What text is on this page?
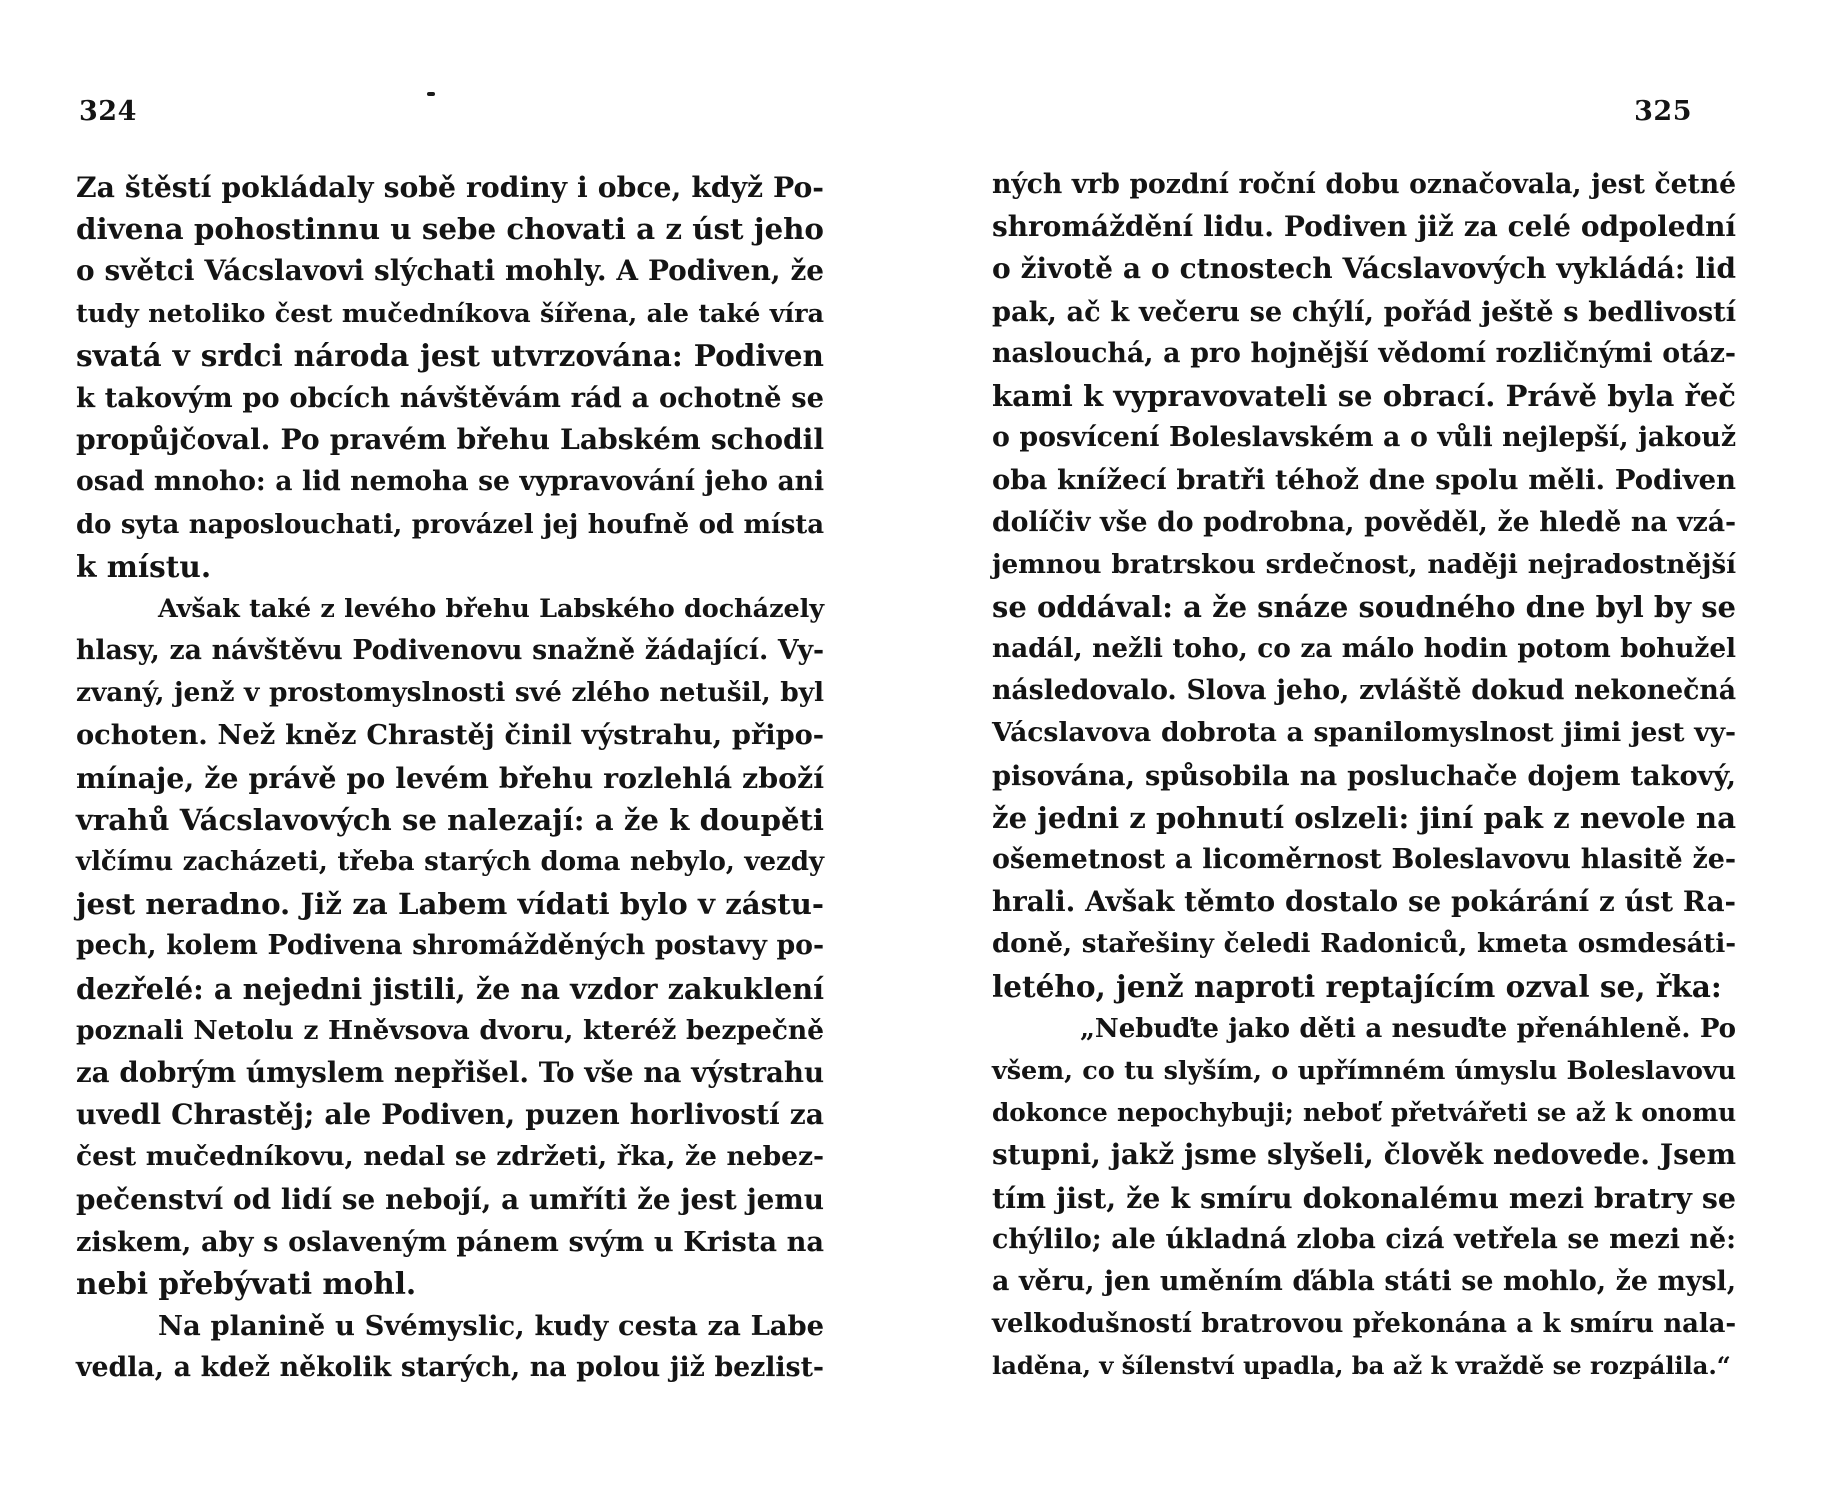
324
Za štěstí pokládaly sobě rodiny i obce, když Po-
divena pohostinnu u sebe chovati a z úst jeho
o světci Vácslavovi slýchati mohly. A Podiven, že
tudy netoliko čest mučedníkova šířena, ale také víra
svatá v srdci národa jest utvrzována: Podiven
k takovým po obcích návštěvám rád a ochotně se
propůjčoval. Po pravém břehu Labském schodil
osad mnoho: a lid nemoha se vypravování jeho ani
do syta naposlouchati, provázel jej houfně od místa
k místu.
Avšak také z levého břehu Labského docházely
hlasy, za návštěvu Podivenovu snažně žádající. Vy-
zvaný, jenž v prostomyslnosti své zlého netušil, byl
ochoten. Než kněz Chrastěj činil výstrahu, připo-
mínaje, že právě po levém břehu rozlehlá zboží
vrahů Vácslavových se nalezají: a že k doupěti
vlčímu zacházeti, třeba starých doma nebylo, vezdy
jest neradno. Již za Labem vídati bylo v zástu-
pech, kolem Podivena shromážděných postavy po-
dezřelé: a nejedni jistili, že na vzdor zakuklení
poznali Netolu z Hněvsova dvoru, kteréž bezpečně
za dobrým úmyslem nepřišel. To vše na výstrahu
uvedl Chrastěj; ale Podiven, puzen horlivostí za
čest mučedníkovu, nedal se zdržeti, řka, že nebez-
pečenství od lidí se nebojí, a umříti že jest jemu
ziskem, aby s oslaveným pánem svým u Krista na
nebi přebývati mohl.
Na planině u Svémyslic, kudy cesta za Labe
vedla, a kdež několik starých, na polou již bezlist-
325
ných vrb pozdní roční dobu označovala, jest četné
shromáždění lidu. Podiven již za celé odpolední
o životě a o ctnostech Vácslavových vykládá: lid
pak, ač k večeru se chýlí, pořád ještě s bedlivostí
naslouchá, a pro hojnější vědomí rozličnými otáz-
kami k vypravovateli se obrací. Právě byla řeč
o posvícení Boleslavském a o vůli nejlepší, jakouž
oba knížecí bratři téhož dne spolu měli. Podiven
dolíčiv vše do podrobna, pověděl, že hledě na vzá-
jemnou bratrskou srdečnost, naději nejradostnější
se oddával: a že snáze soudného dne byl by se
nadál, nežli toho, co za málo hodin potom bohužel
následovalo. Slova jeho, zvláště dokud nekonečná
Vácslavova dobrota a spanilomyslnost jimi jest vy-
pisována, spůsobila na posluchače dojem takový,
že jedni z pohnutí oslzeli: jiní pak z nevole na
ošemetnost a licoměrnost Boleslavovu hlasitě že-
hrali. Avšak těmto dostalo se pokárání z úst Ra-
doně, stařešiny čeledi Radoniců, kmeta osmdesáti-
letého, jenž naproti reptajícím ozval se, řka:
„Nebuďte jako děti a nesuďte přenáhleně. Po
všem, co tu slyším, o upřímném úmyslu Boleslavovu
dokonce nepochybuji; neboť přetvářeti se až k onomu
stupni, jakž jsme slyšeli, člověk nedovede. Jsem
tím jist, že k smíru dokonalému mezi bratry se
chýlilo; ale úkladná zloba cizá vetřela se mezi ně:
a věru, jen uměním ďábla státi se mohlo, že mysl,
velkodušností bratrovou překonána a k smíru nala-
laděna, v šílenství upadla, ba až k vraždě se rozpálila.“
